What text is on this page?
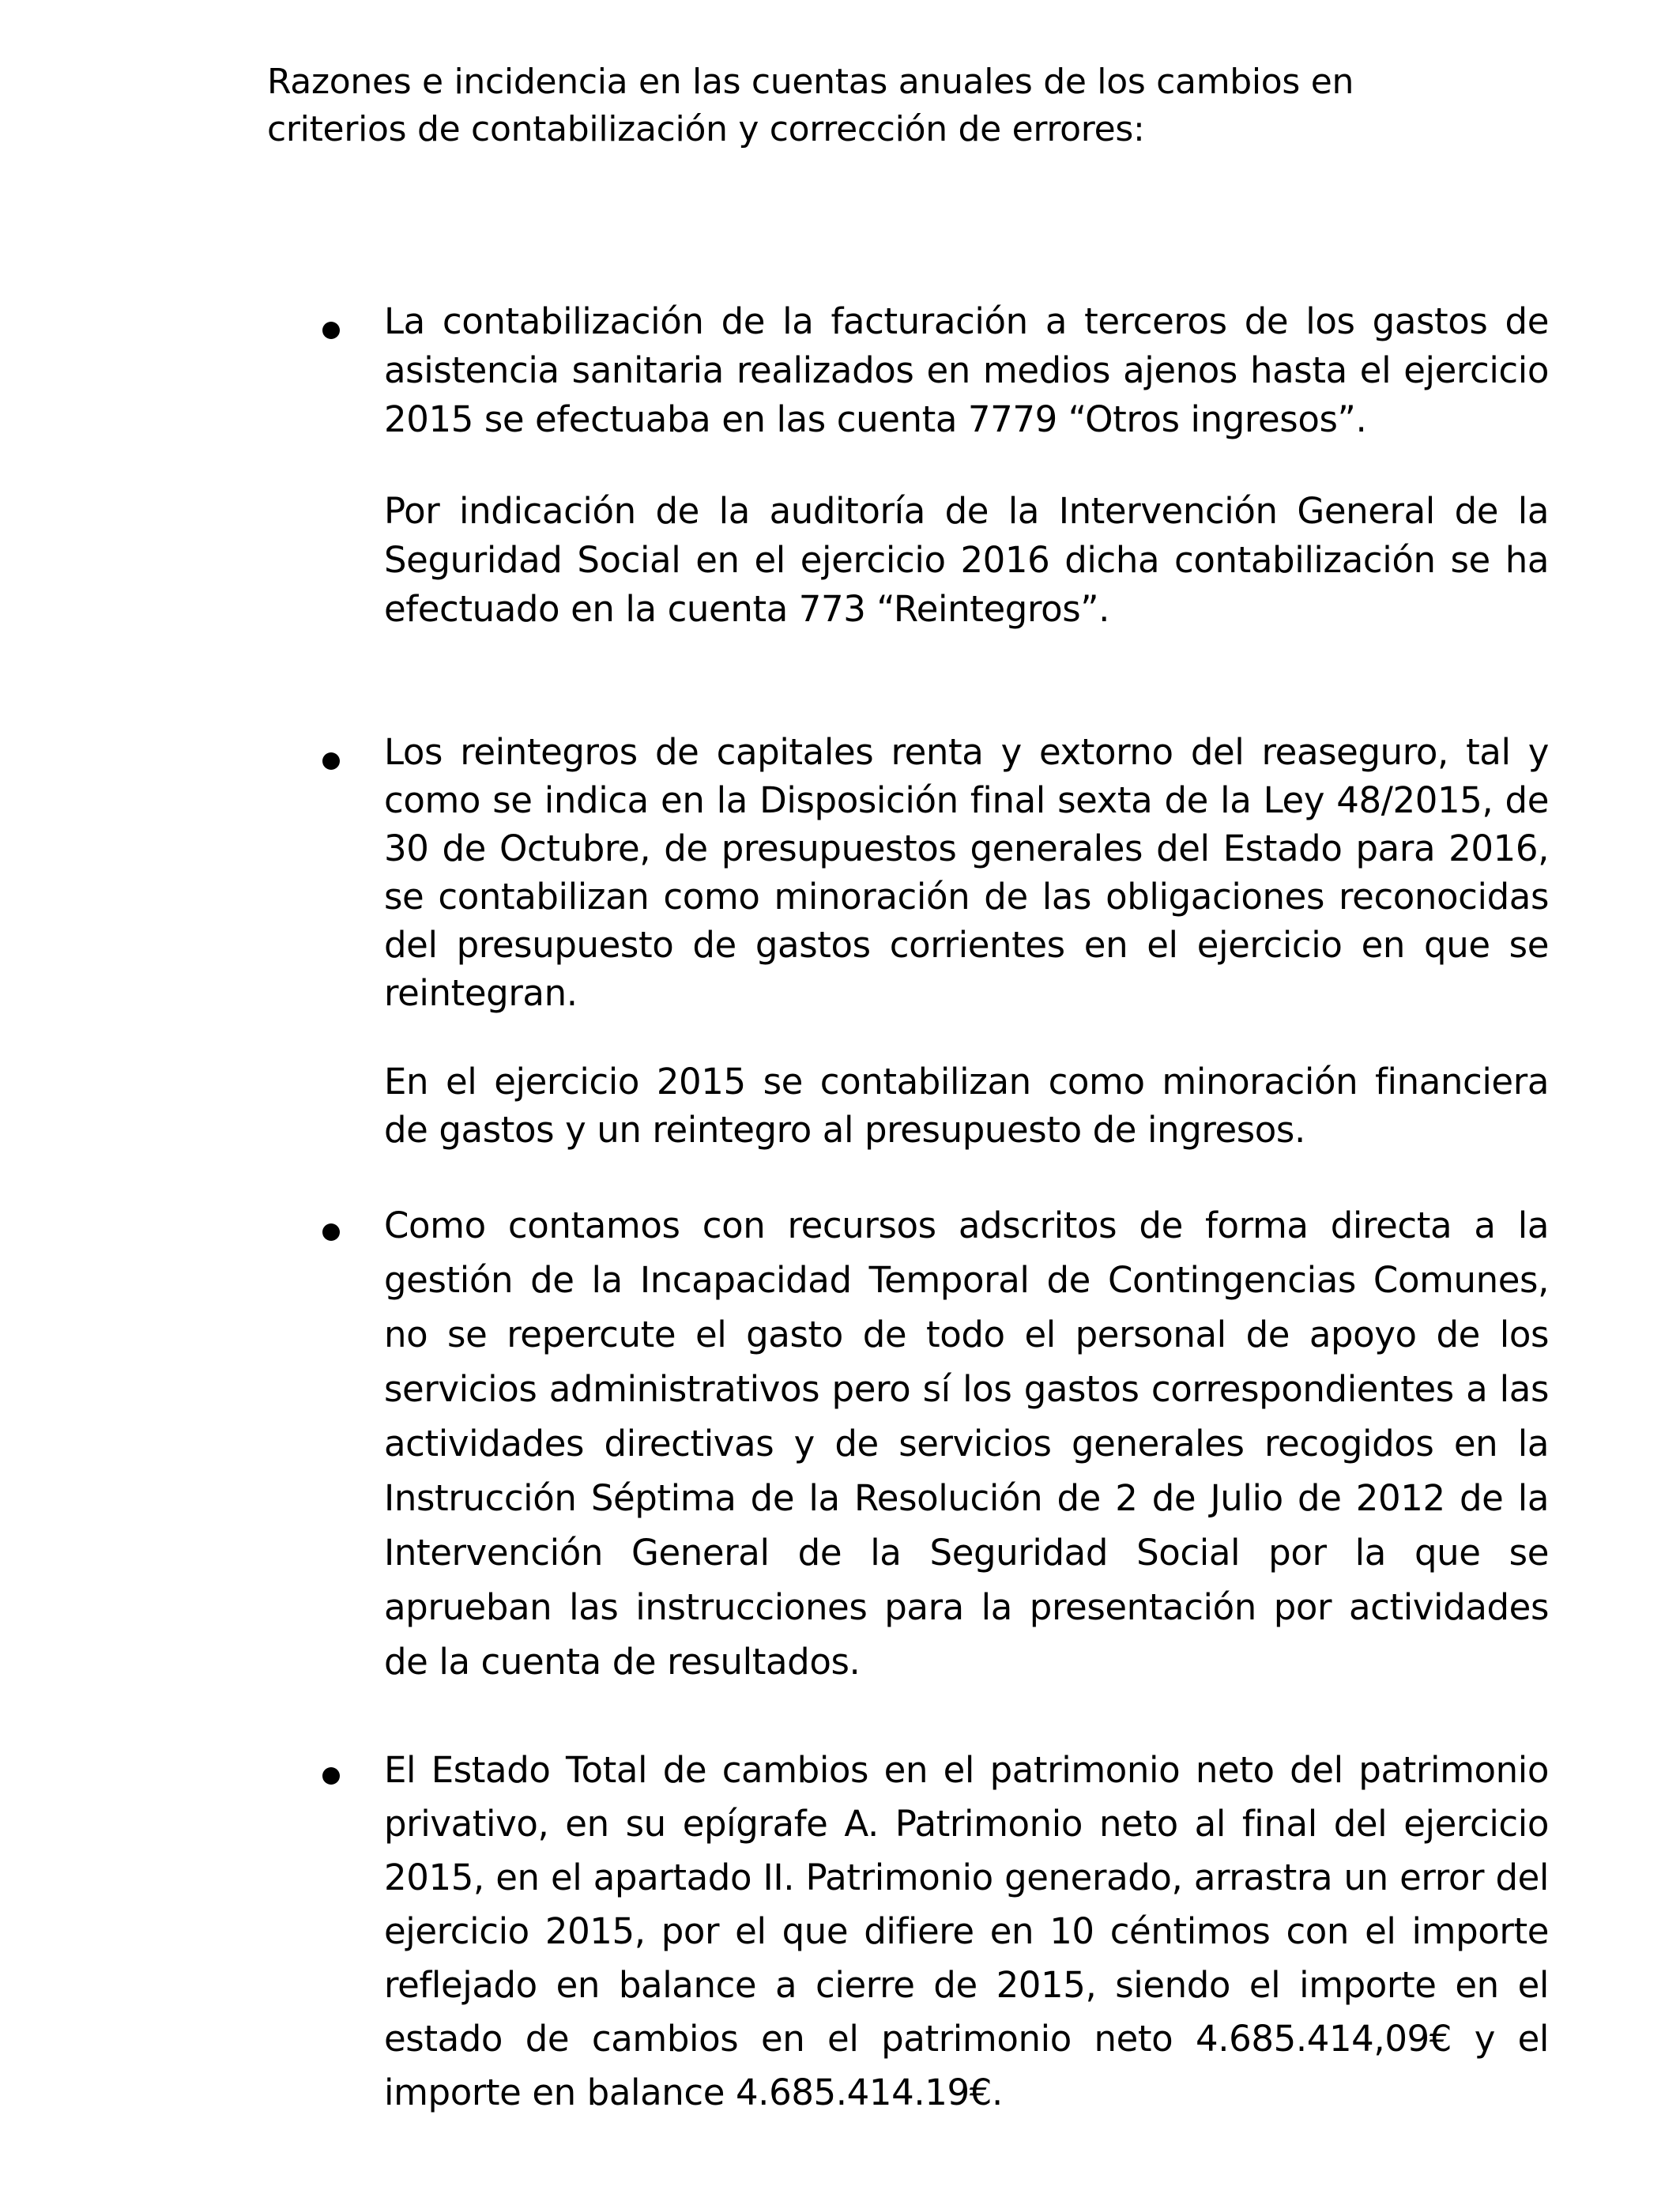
Razones e incidencia en las cuentas anuales de los cambios en
criterios de contabilización y corrección de errores:

La contabilización de la facturación a terceros de los gastos de asistencia sanitaria realizados en medios ajenos hasta el ejercicio 2015 se efectuaba en las cuenta 7779 “Otros ingresos”.

Por indicación de la auditoría de la Intervención General de la Seguridad Social en el ejercicio 2016 dicha contabilización se ha efectuado en la cuenta 773 “Reintegros”.

Los reintegros de capitales renta y extorno del reaseguro, tal y como se indica en la Disposición final sexta de la Ley 48/2015, de 30 de Octubre, de presupuestos generales del Estado para 2016, se contabilizan como minoración de las obligaciones reconocidas del presupuesto de gastos corrientes en el ejercicio en que se reintegran.

En el ejercicio 2015 se contabilizan como minoración financiera de gastos y un reintegro al presupuesto de ingresos.

Como contamos con recursos adscritos de forma directa a la gestión de la Incapacidad Temporal de Contingencias Comunes, no se repercute el gasto de todo el personal de apoyo de los servicios administrativos pero sí los gastos correspondientes a las actividades directivas y de servicios generales recogidos en la Instrucción Séptima de la Resolución de 2 de Julio de 2012 de la Intervención General de la Seguridad Social por la que se aprueban las instrucciones para la presentación por actividades de la cuenta de resultados.

El Estado Total de cambios en el patrimonio neto del patrimonio privativo, en su epígrafe A. Patrimonio neto al final del ejercicio 2015, en el apartado II. Patrimonio generado, arrastra un error del ejercicio 2015, por el que difiere en 10 céntimos con el importe reflejado en balance a cierre de 2015, siendo el importe en el estado de cambios en el patrimonio neto 4.685.414,09€ y el importe en balance 4.685.414.19€.
